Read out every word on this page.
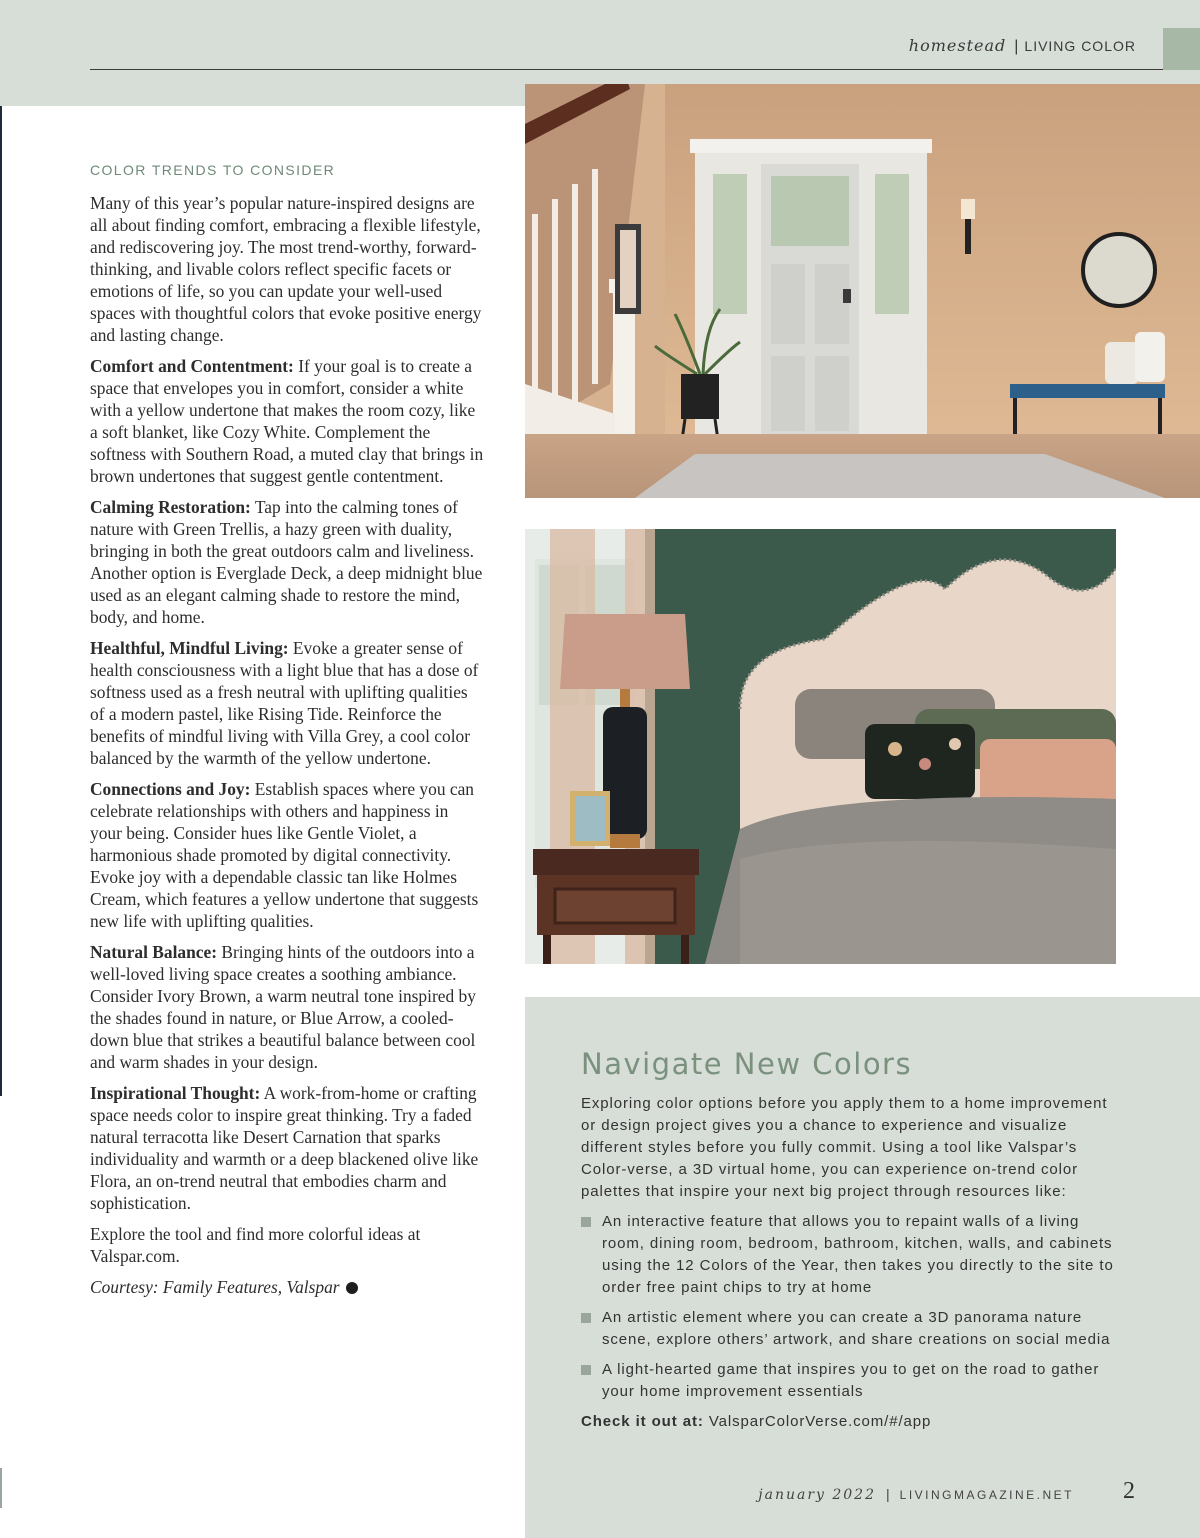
homestead | LIVING COLOR
COLOR TRENDS TO CONSIDER

Many of this year’s popular nature-inspired designs are all about finding comfort, embracing a flexible lifestyle, and rediscovering joy. The most trend-worthy, forward-thinking, and livable colors reflect specific facets or emotions of life, so you can update your well-used spaces with thoughtful colors that evoke positive energy and lasting change.

Comfort and Contentment: If your goal is to create a space that envelopes you in comfort, consider a white with a yellow undertone that makes the room cozy, like a soft blanket, like Cozy White. Complement the softness with Southern Road, a muted clay that brings in brown undertones that suggest gentle contentment.

Calming Restoration: Tap into the calming tones of nature with Green Trellis, a hazy green with duality, bringing in both the great outdoors calm and liveliness. Another option is Everglade Deck, a deep midnight blue used as an elegant calming shade to restore the mind, body, and home.

Healthful, Mindful Living: Evoke a greater sense of health consciousness with a light blue that has a dose of softness used as a fresh neutral with uplifting qualities of a modern pastel, like Rising Tide. Reinforce the benefits of mindful living with Villa Grey, a cool color balanced by the warmth of the yellow undertone.

Connections and Joy: Establish spaces where you can celebrate relationships with others and happiness in your being. Consider hues like Gentle Violet, a harmonious shade promoted by digital connectivity. Evoke joy with a dependable classic tan like Holmes Cream, which features a yellow undertone that suggests new life with uplifting qualities.

Natural Balance: Bringing hints of the outdoors into a well-loved living space creates a soothing ambiance. Consider Ivory Brown, a warm neutral tone inspired by the shades found in nature, or Blue Arrow, a cooled-down blue that strikes a beautiful balance between cool and warm shades in your design.

Inspirational Thought: A work-from-home or crafting space needs color to inspire great thinking. Try a faded natural terracotta like Desert Carnation that sparks individuality and warmth or a deep blackened olive like Flora, an on-trend neutral that embodies charm and sophistication.

Explore the tool and find more colorful ideas at Valspar.com.

Courtesy: Family Features, Valspar

Navigate New Colors

Exploring color options before you apply them to a home improvement or design project gives you a chance to experience and visualize different styles before you fully commit. Using a tool like Valspar’s Color-verse, a 3D virtual home, you can experience on-trend color palettes that inspire your next big project through resources like:

An interactive feature that allows you to repaint walls of a living room, dining room, bedroom, bathroom, kitchen, walls, and cabinets using the 12 Colors of the Year, then takes you directly to the site to order free paint chips to try at home
An artistic element where you can create a 3D panorama nature scene, explore others’ artwork, and share creations on social media
A light-hearted game that inspires you to get on the road to gather your home improvement essentials

Check it out at: ValsparColorVerse.com/#/app

january 2022 | LIVINGMAGAZINE.NET 2
